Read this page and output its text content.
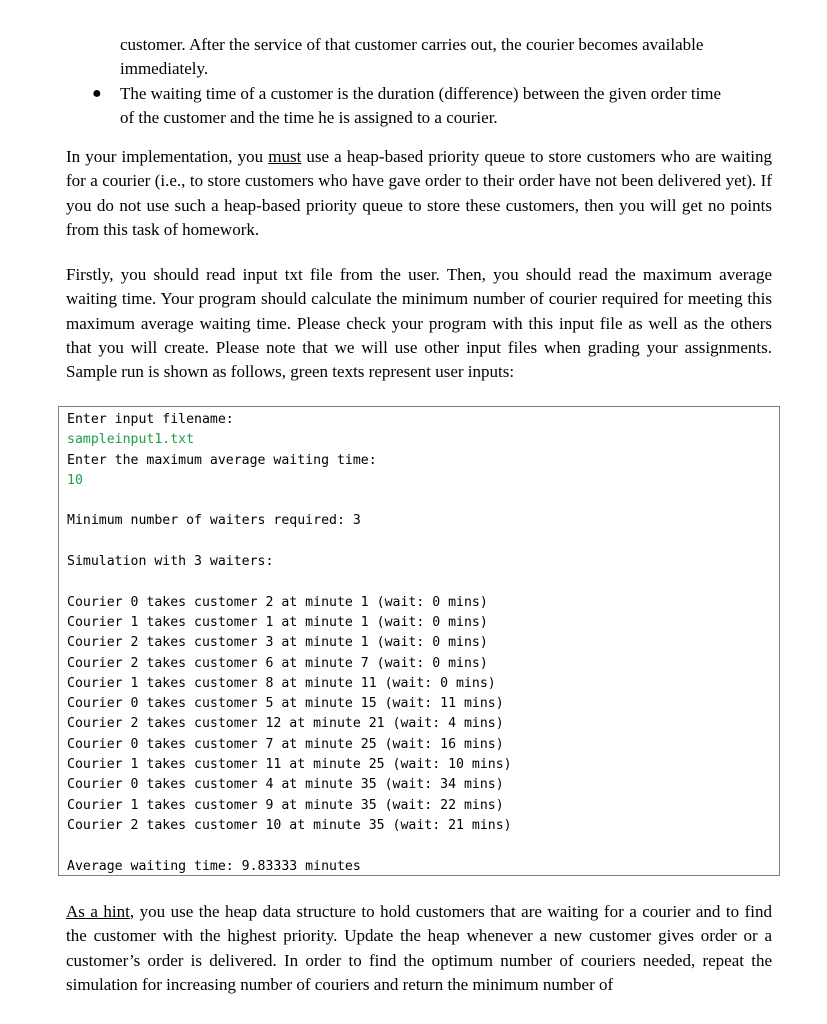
customer. After the service of that customer carries out, the courier becomes available
immediately.

● The waiting time of a customer is the duration (difference) between the given order time
of the customer and the time he is assigned to a courier.

In your implementation, you must use a heap-based priority queue to store customers who are waiting for a courier (i.e., to store customers who have gave order to their order have not been delivered yet). If you do not use such a heap-based priority queue to store these customers, then you will get no points from this task of homework.

Firstly, you should read input txt file from the user. Then, you should read the maximum average waiting time. Your program should calculate the minimum number of courier required for meeting this maximum average waiting time. Please check your program with this input file as well as the others that you will create. Please note that we will use other input files when grading your assignments. Sample run is shown as follows, green texts represent user inputs:

Enter input filename:
sampleinput1.txt
Enter the maximum average waiting time:
10

Minimum number of waiters required: 3

Simulation with 3 waiters:

Courier 0 takes customer 2 at minute 1 (wait: 0 mins)
Courier 1 takes customer 1 at minute 1 (wait: 0 mins)
Courier 2 takes customer 3 at minute 1 (wait: 0 mins)
Courier 2 takes customer 6 at minute 7 (wait: 0 mins)
Courier 1 takes customer 8 at minute 11 (wait: 0 mins)
Courier 0 takes customer 5 at minute 15 (wait: 11 mins)
Courier 2 takes customer 12 at minute 21 (wait: 4 mins)
Courier 0 takes customer 7 at minute 25 (wait: 16 mins)
Courier 1 takes customer 11 at minute 25 (wait: 10 mins)
Courier 0 takes customer 4 at minute 35 (wait: 34 mins)
Courier 1 takes customer 9 at minute 35 (wait: 22 mins)
Courier 2 takes customer 10 at minute 35 (wait: 21 mins)

Average waiting time: 9.83333 minutes

As a hint, you use the heap data structure to hold customers that are waiting for a courier and to find the customer with the highest priority. Update the heap whenever a new customer gives order or a customer’s order is delivered. In order to find the optimum number of couriers needed, repeat the simulation for increasing number of couriers and return the minimum number of
